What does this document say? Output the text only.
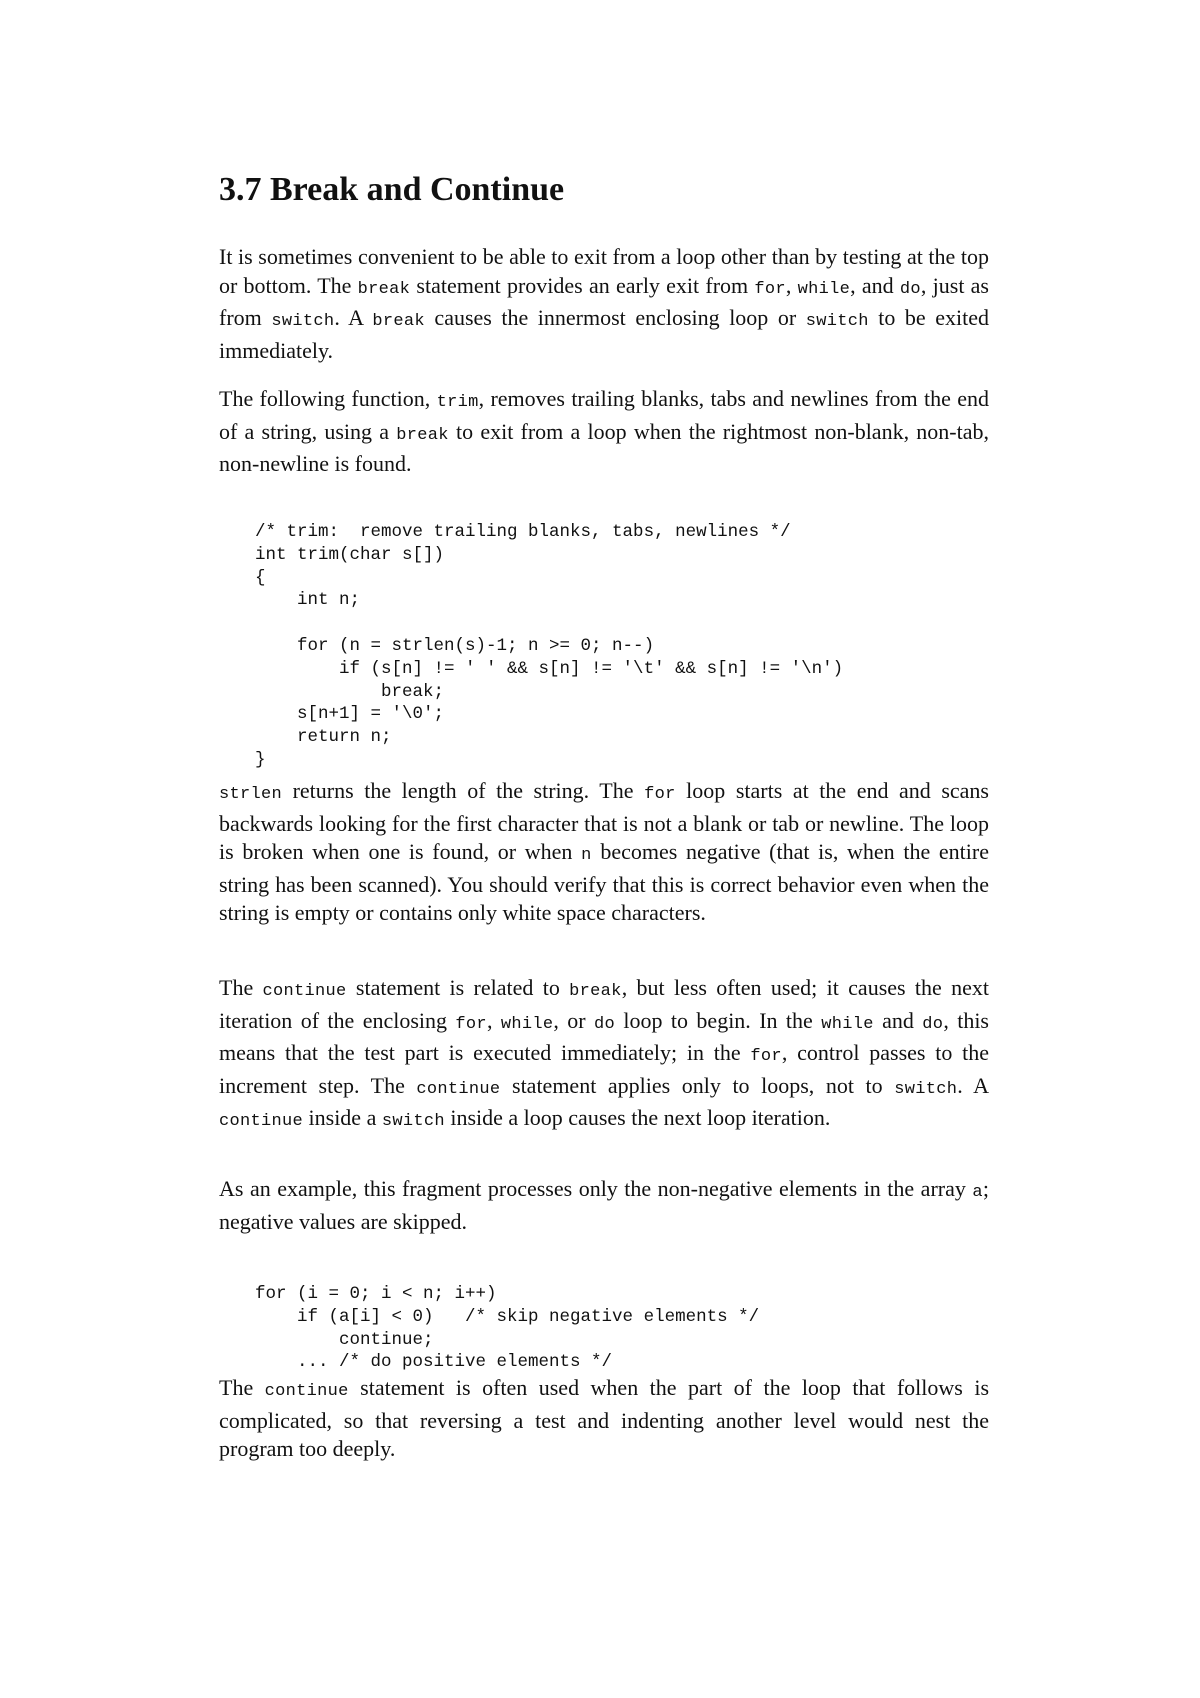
3.7 Break and Continue

It is sometimes convenient to be able to exit from a loop other than by testing at the top or bottom. The break statement provides an early exit from for, while, and do, just as from switch. A break causes the innermost enclosing loop or switch to be exited immediately.

The following function, trim, removes trailing blanks, tabs and newlines from the end of a string, using a break to exit from a loop when the rightmost non-blank, non-tab, non-newline is found.

/* trim:  remove trailing blanks, tabs, newlines */
int trim(char s[])
{
int n;

for (n = strlen(s)-1; n >= 0; n--)
if (s[n] != ' ' && s[n] != '\t' && s[n] != '\n')
break;
s[n+1] = '\0';
return n;
}

strlen returns the length of the string. The for loop starts at the end and scans backwards looking for the first character that is not a blank or tab or newline. The loop is broken when one is found, or when n becomes negative (that is, when the entire string has been scanned). You should verify that this is correct behavior even when the string is empty or contains only white space characters.

The continue statement is related to break, but less often used; it causes the next iteration of the enclosing for, while, or do loop to begin. In the while and do, this means that the test part is executed immediately; in the for, control passes to the increment step. The continue statement applies only to loops, not to switch. A continue inside a switch inside a loop causes the next loop iteration.

As an example, this fragment processes only the non-negative elements in the array a; negative values are skipped.

for (i = 0; i < n; i++)
if (a[i] < 0)   /* skip negative elements */
continue;
... /* do positive elements */

The continue statement is often used when the part of the loop that follows is complicated, so that reversing a test and indenting another level would nest the program too deeply.
